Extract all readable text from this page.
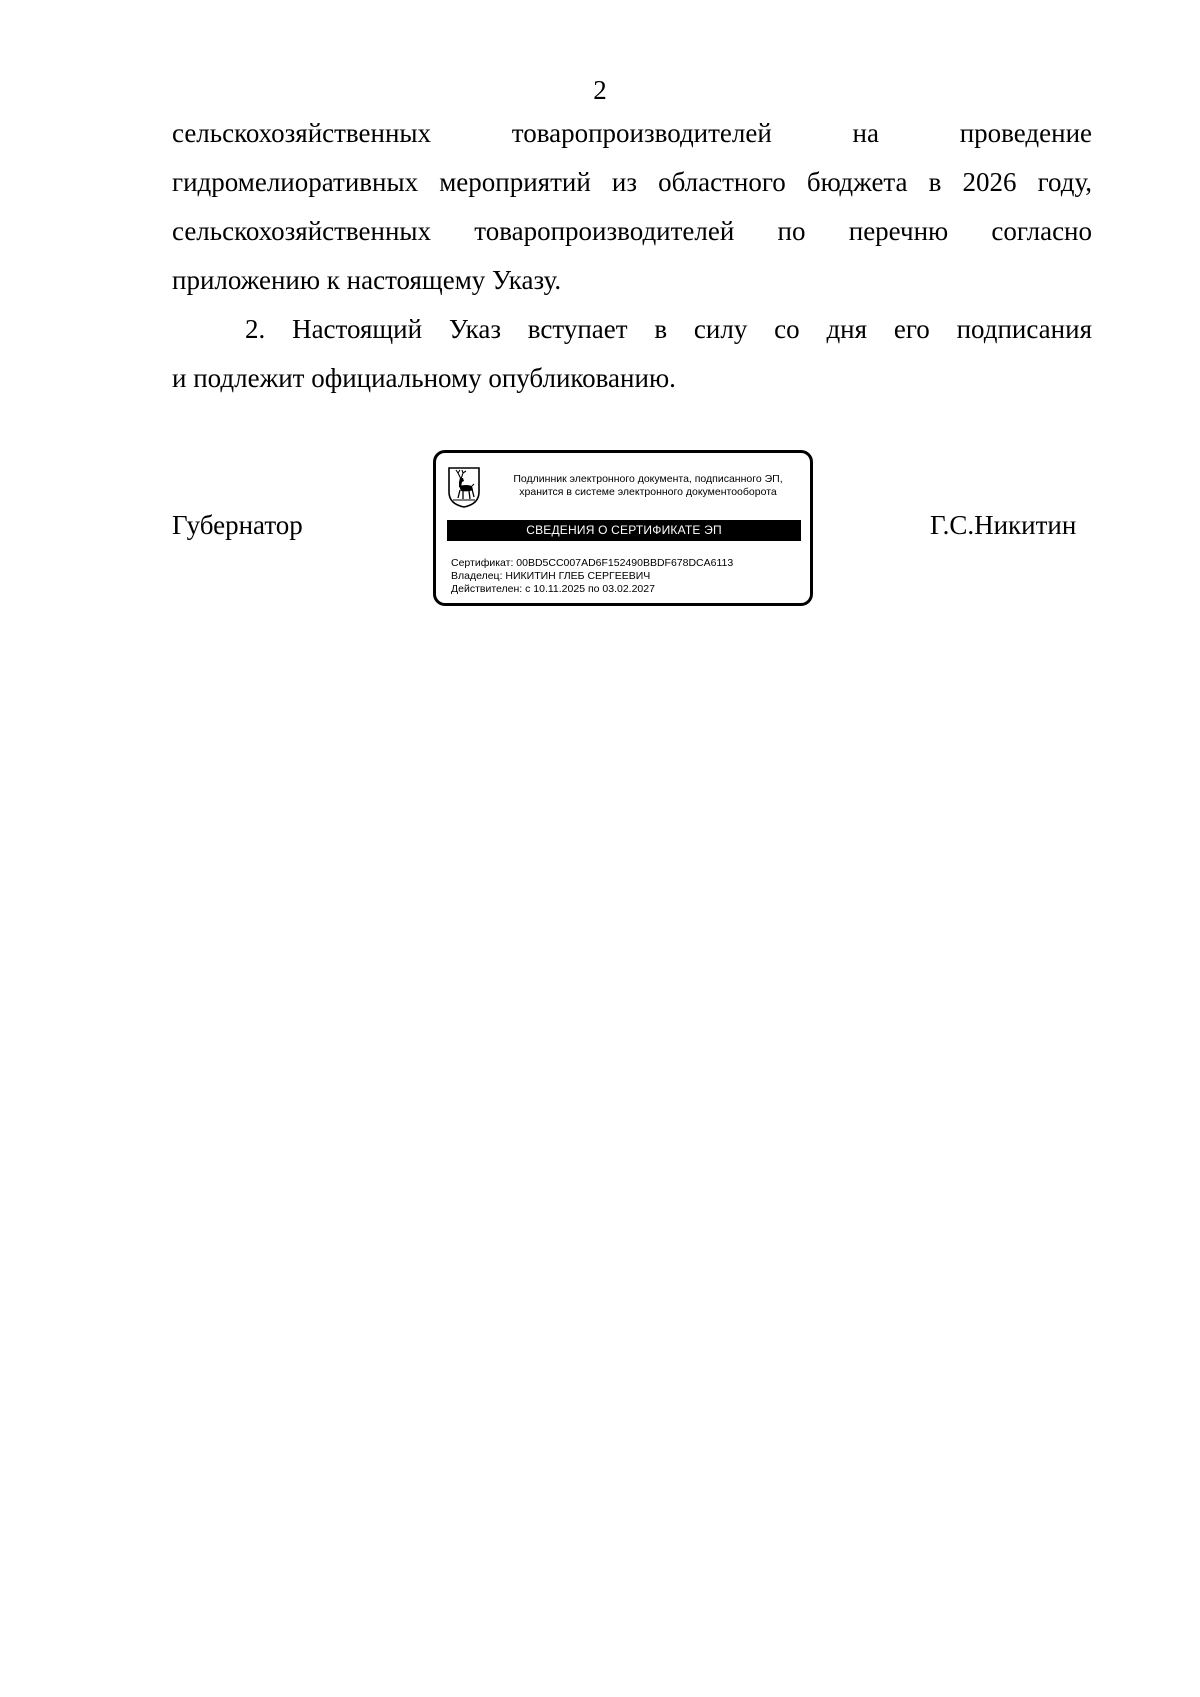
2
сельскохозяйственных товаропроизводителей на проведение
гидромелиоративных мероприятий из областного бюджета в 2026 году,
сельскохозяйственных товаропроизводителей по перечню согласно
приложению к настоящему Указу.
2. Настоящий Указ вступает в силу со дня его подписания
и подлежит официальному опубликованию.
Губернатор
Подлинник электронного документа, подписанного ЭП,
хранится в системе электронного документооборота
СВЕДЕНИЯ О СЕРТИФИКАТЕ ЭП
Сертификат: 00BD5CC007AD6F152490BBDF678DCA6113
Владелец: НИКИТИН ГЛЕБ СЕРГЕЕВИЧ
Действителен: с 10.11.2025 по 03.02.2027
Г.С.Никитин
